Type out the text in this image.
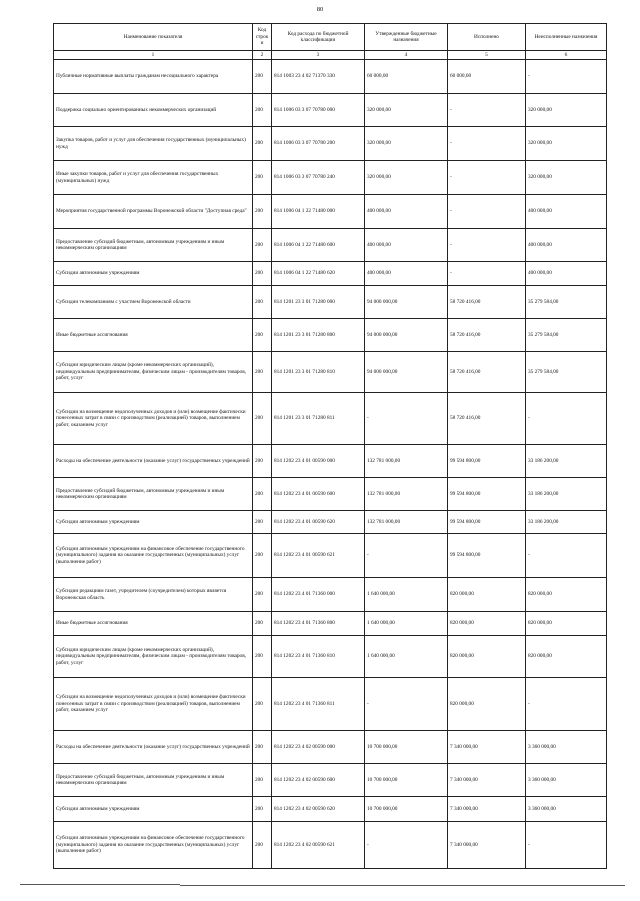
80
Наименование показателя	Код строки	Код расхода по бюджетной классификации	Утвержденные бюджетные назначения	Исполнено	Неисполненные назначения
1	2	3	4	5	6
Публичные нормативные выплаты гражданам несоциального характера	200	814 1003 23 4 02 71370 330	60 000,00	60 000,00	-
Поддержка социально ориентированных некоммерческих организаций	200	814 1006 03 3 07 70780 000	320 000,00	-	320 000,00
Закупка товаров, работ и услуг для обеспечения государственных (муниципальных) нужд	200	814 1006 03 3 07 70780 200	320 000,00	-	320 000,00
Иные закупки товаров, работ и услуг для обеспечения государственных (муниципальных) нужд	200	814 1006 03 3 07 70780 240	320 000,00	-	320 000,00
Мероприятия государственной программы Воронежской области "Доступная среда"	200	814 1006 04 1 22 71480 000	400 000,00	-	400 000,00
Предоставление субсидий бюджетным, автономным учреждениям и иным некоммерческим организациям	200	814 1006 04 1 22 71480 600	400 000,00	-	400 000,00
Субсидии автономным учреждениям	200	814 1006 04 1 22 71480 620	400 000,00	-	400 000,00
Субсидии телекомпаниям с участием Воронежской области	200	814 1201 23 3 01 71280 000	94 000 000,00	58 720 416,00	35 279 584,00
Иные бюджетные ассигнования	200	814 1201 23 3 01 71280 800	94 000 000,00	58 720 416,00	35 279 584,00
Субсидии юридическим лицам (кроме некоммерческих организаций), индивидуальным предпринимателям, физическим лицам - производителям товаров, работ, услуг	200	814 1201 23 3 01 71280 810	94 000 000,00	58 720 416,00	35 279 584,00
Субсидии на возмещение недополученных доходов и (или) возмещение фактически понесенных затрат в связи с производством (реализацией) товаров, выполнением работ, оказанием услуг	200	814 1201 23 3 01 71280 811	-	58 720 416,00	-
Расходы на обеспечение деятельности (оказание услуг) государственных учреждений	200	814 1202 23 4 01 00590 000	132 781 000,00	99 594 800,00	33 186 200,00
Предоставление субсидий бюджетным, автономным учреждениям и иным некоммерческим организациям	200	814 1202 23 4 01 00590 600	132 781 000,00	99 594 800,00	33 186 200,00
Субсидии автономным учреждениям	200	814 1202 23 4 01 00590 620	132 781 000,00	99 594 800,00	33 186 200,00
Субсидии автономным учреждениям на финансовое обеспечение государственного (муниципального) задания на оказание государственных (муниципальных) услуг (выполнение работ)	200	814 1202 23 4 01 00590 621	-	99 594 800,00	-
Субсидии редакциям газет, учредителем (соучредителем) которых является Воронежская область	200	814 1202 23 4 01 71360 000	1 640 000,00	820 000,00	820 000,00
Иные бюджетные ассигнования	200	814 1202 23 4 01 71360 800	1 640 000,00	820 000,00	820 000,00
Субсидии юридическим лицам (кроме некоммерческих организаций), индивидуальным предпринимателям, физическим лицам - производителям товаров, работ, услуг	200	814 1202 23 4 01 71360 810	1 640 000,00	820 000,00	820 000,00
Субсидии на возмещение недополученных доходов и (или) возмещение фактически понесенных затрат в связи с производством (реализацией) товаров, выполнением работ, оказанием услуг	200	814 1202 23 4 01 71360 811	-	820 000,00	-
Расходы на обеспечение деятельности (оказание услуг) государственных учреждений	200	814 1202 23 4 02 00590 000	10 700 000,00	7 340 000,00	3 360 000,00
Предоставление субсидий бюджетным, автономным учреждениям и иным некоммерческим организациям	200	814 1202 23 4 02 00590 600	10 700 000,00	7 340 000,00	3 360 000,00
Субсидии автономным учреждениям	200	814 1202 23 4 02 00590 620	10 700 000,00	7 340 000,00	3 360 000,00
Субсидии автономным учреждениям на финансовое обеспечение государственного (муниципального) задания на оказание государственных (муниципальных) услуг (выполнение работ)	200	814 1202 23 4 02 00590 621	-	7 340 000,00	-
